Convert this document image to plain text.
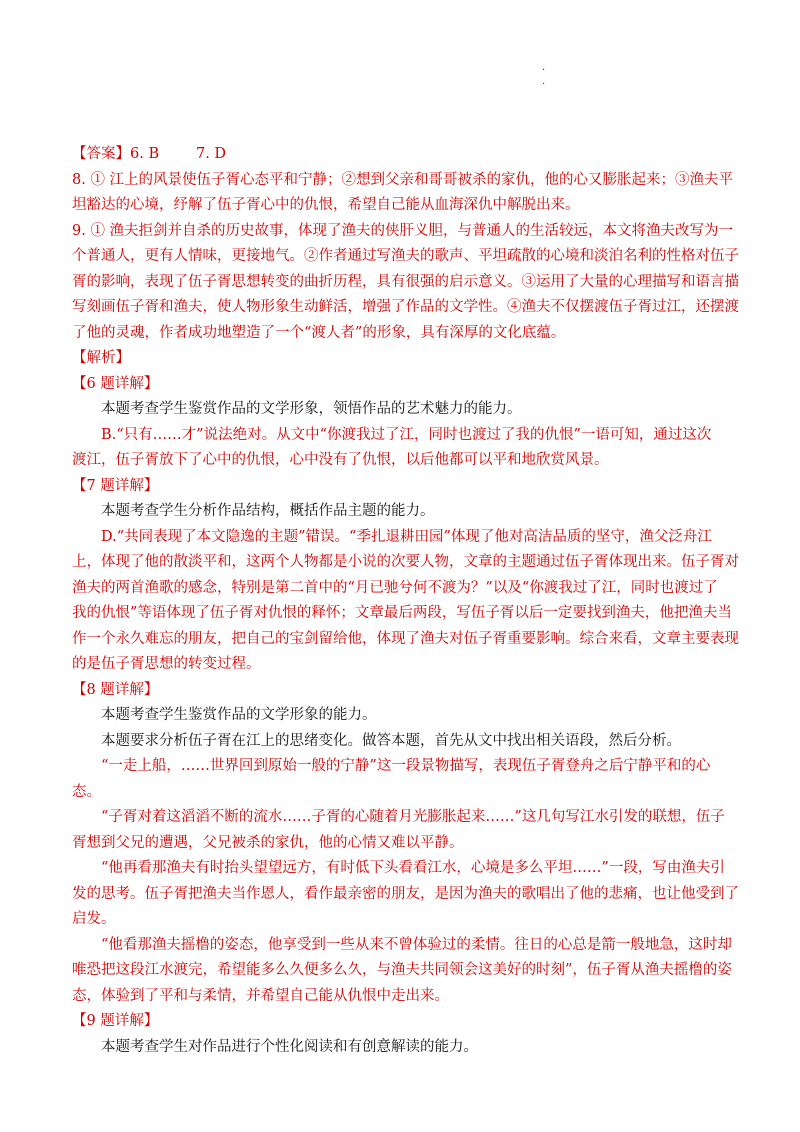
·
·
【答案】6. B        7. D
8. ① 江上的风景使伍子胥心态平和宁静；②想到父亲和哥哥被杀的家仇，他的心又膨胀起来；③渔夫平
坦豁达的心境，纾解了伍子胥心中的仇恨，希望自己能从血海深仇中解脱出来。
9. ① 渔夫拒剑并自杀的历史故事，体现了渔夫的侠肝义胆，与普通人的生活较远，本文将渔夫改写为一
个普通人，更有人情味，更接地气。②作者通过写渔夫的歌声、平坦疏散的心境和淡泊名利的性格对伍子
胥的影响，表现了伍子胥思想转变的曲折历程，具有很强的启示意义。③运用了大量的心理描写和语言描
写刻画伍子胥和渔夫，使人物形象生动鲜活，增强了作品的文学性。④渔夫不仅摆渡伍子胥过江，还摆渡
了他的灵魂，作者成功地塑造了一个“渡人者”的形象，具有深厚的文化底蕴。
【解析】
【6 题详解】
本题考查学生鉴赏作品的文学形象，领悟作品的艺术魅力的能力。
B.“只有……才”说法绝对。从文中“你渡我过了江，同时也渡过了我的仇恨”一语可知，通过这次
渡江，伍子胥放下了心中的仇恨，心中没有了仇恨，以后他都可以平和地欣赏风景。
【7 题详解】
本题考查学生分析作品结构，概括作品主题的能力。
D.“共同表现了本文隐逸的主题”错误。“季扎退耕田园”体现了他对高洁品质的坚守，渔父泛舟江
上，体现了他的散淡平和，这两个人物都是小说的次要人物，文章的主题通过伍子胥体现出来。伍子胥对
渔夫的两首渔歌的感念，特别是第二首中的“月已驰兮何不渡为？”以及“你渡我过了江，同时也渡过了
我的仇恨”等语体现了伍子胥对仇恨的释怀；文章最后两段，写伍子胥以后一定要找到渔夫，他把渔夫当
作一个永久难忘的朋友，把自己的宝剑留给他，体现了渔夫对伍子胥重要影响。综合来看，文章主要表现
的是伍子胥思想的转变过程。
【8 题详解】
本题考查学生鉴赏作品的文学形象的能力。
本题要求分析伍子胥在江上的思绪变化。做答本题，首先从文中找出相关语段，然后分析。
“一走上船，……世界回到原始一般的宁静”这一段景物描写，表现伍子胥登舟之后宁静平和的心
态。
“子胥对着这滔滔不断的流水……子胥的心随着月光膨胀起来……”这几句写江水引发的联想，伍子
胥想到父兄的遭遇，父兄被杀的家仇，他的心情又难以平静。
“他再看那渔夫有时抬头望望远方，有时低下头看看江水，心境是多么平坦……”一段，写由渔夫引
发的思考。伍子胥把渔夫当作恩人，看作最亲密的朋友，是因为渔夫的歌唱出了他的悲痛，也让他受到了
启发。
“他看那渔夫摇橹的姿态，他享受到一些从来不曾体验过的柔情。往日的心总是箭一般地急，这时却
唯恐把这段江水渡完，希望能多么久便多么久，与渔夫共同领会这美好的时刻”，伍子胥从渔夫摇橹的姿
态，体验到了平和与柔情，并希望自己能从仇恨中走出来。
【9 题详解】
本题考查学生对作品进行个性化阅读和有创意解读的能力。
